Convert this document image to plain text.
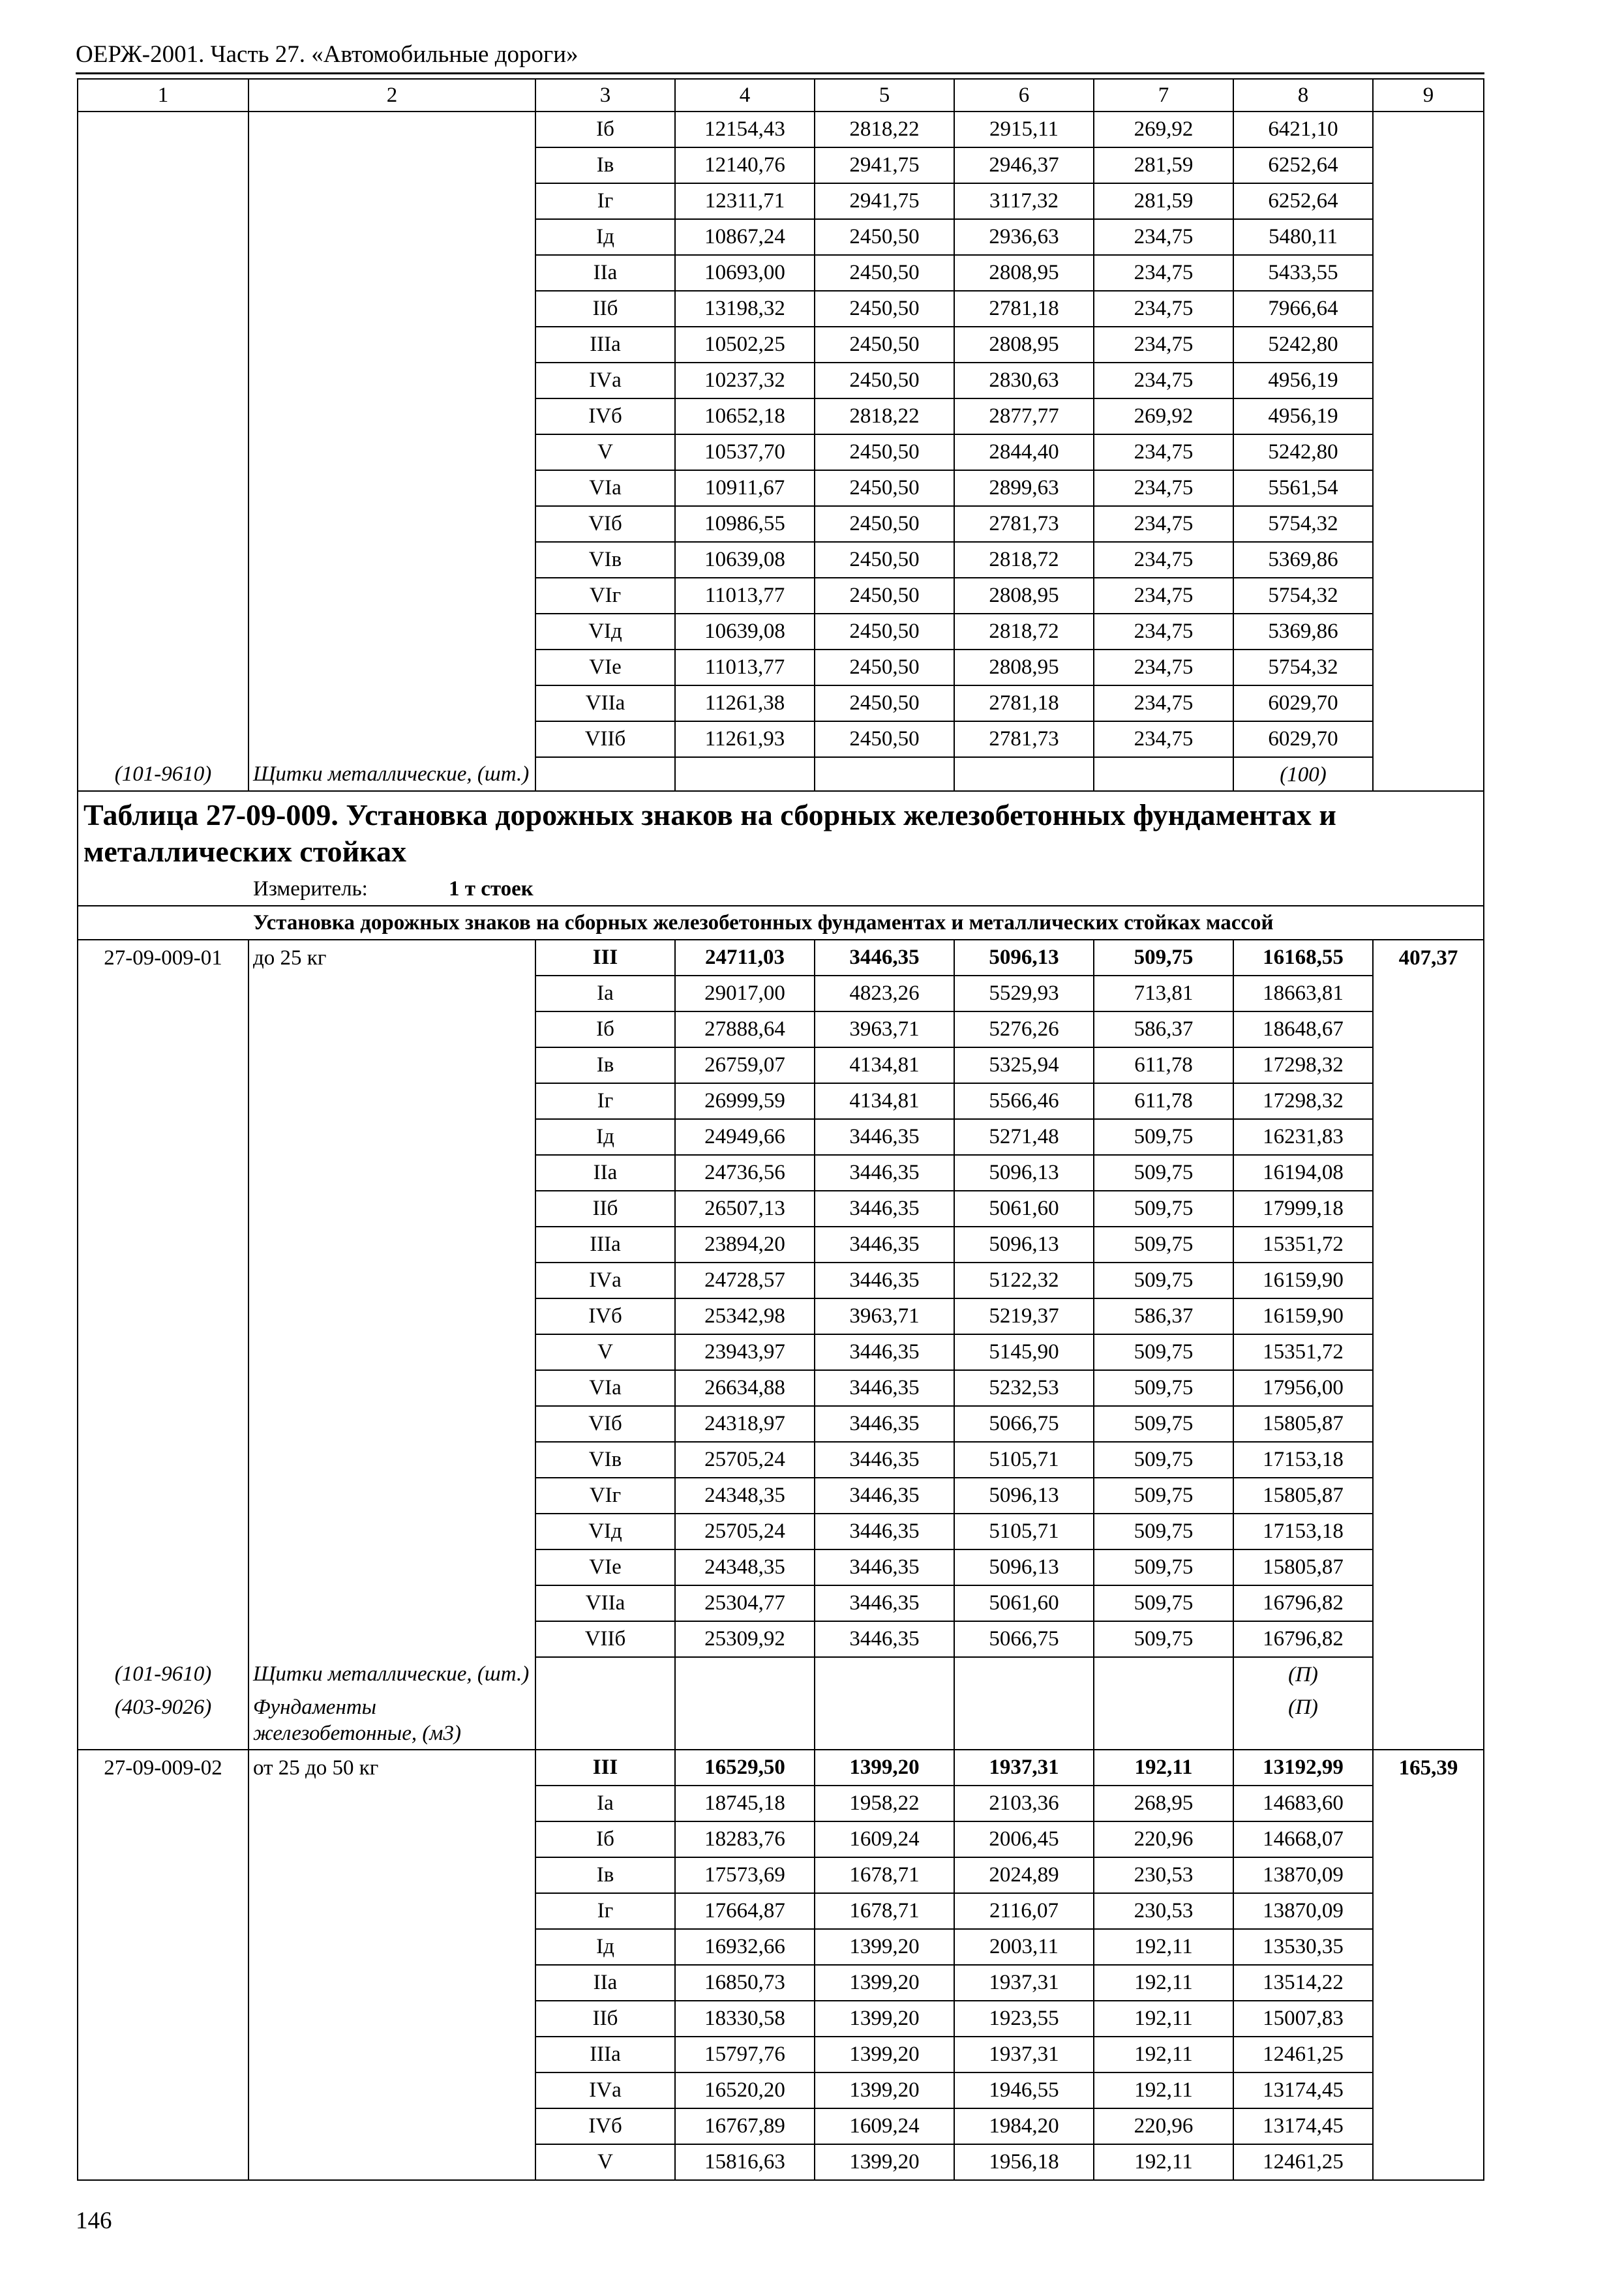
ОЕРЖ-2001. Часть 27. «Автомобильные дороги»
1	2	3	4	5	6	7	8	9
		Iб	12154,43	2818,22	2915,11	269,92	6421,10	
		Iв	12140,76	2941,75	2946,37	281,59	6252,64	
		Iг	12311,71	2941,75	3117,32	281,59	6252,64	
		Iд	10867,24	2450,50	2936,63	234,75	5480,11	
		IIа	10693,00	2450,50	2808,95	234,75	5433,55	
		IIб	13198,32	2450,50	2781,18	234,75	7966,64	
		IIIа	10502,25	2450,50	2808,95	234,75	5242,80	
		IVа	10237,32	2450,50	2830,63	234,75	4956,19	
		IVб	10652,18	2818,22	2877,77	269,92	4956,19	
		V	10537,70	2450,50	2844,40	234,75	5242,80	
		VIа	10911,67	2450,50	2899,63	234,75	5561,54	
		VIб	10986,55	2450,50	2781,73	234,75	5754,32	
		VIв	10639,08	2450,50	2818,72	234,75	5369,86	
		VIг	11013,77	2450,50	2808,95	234,75	5754,32	
		VIд	10639,08	2450,50	2818,72	234,75	5369,86	
		VIе	11013,77	2450,50	2808,95	234,75	5754,32	
		VIIа	11261,38	2450,50	2781,18	234,75	6029,70	
		VIIб	11261,93	2450,50	2781,73	234,75	6029,70	
(101-9610)	Щитки металлические, (шт.)						(100)	
Таблица 27-09-009. Установка дорожных знаков на сборных железобетонных фундаментах и металлических стойках								
Измеритель: 1 т стоек								
Установка дорожных знаков на сборных железобетонных фундаментах и металлических стойках массой								
27-09-009-01	до 25 кг	III	24711,03	3446,35	5096,13	509,75	16168,55	407,37
		Iа	29017,00	4823,26	5529,93	713,81	18663,81	
		Iб	27888,64	3963,71	5276,26	586,37	18648,67	
		Iв	26759,07	4134,81	5325,94	611,78	17298,32	
		Iг	26999,59	4134,81	5566,46	611,78	17298,32	
		Iд	24949,66	3446,35	5271,48	509,75	16231,83	
		IIа	24736,56	3446,35	5096,13	509,75	16194,08	
		IIб	26507,13	3446,35	5061,60	509,75	17999,18	
		IIIа	23894,20	3446,35	5096,13	509,75	15351,72	
		IVа	24728,57	3446,35	5122,32	509,75	16159,90	
		IVб	25342,98	3963,71	5219,37	586,37	16159,90	
		V	23943,97	3446,35	5145,90	509,75	15351,72	
		VIа	26634,88	3446,35	5232,53	509,75	17956,00	
		VIб	24318,97	3446,35	5066,75	509,75	15805,87	
		VIв	25705,24	3446,35	5105,71	509,75	17153,18	
		VIг	24348,35	3446,35	5096,13	509,75	15805,87	
		VIд	25705,24	3446,35	5105,71	509,75	17153,18	
		VIе	24348,35	3446,35	5096,13	509,75	15805,87	
		VIIа	25304,77	3446,35	5061,60	509,75	16796,82	
		VIIб	25309,92	3446,35	5066,75	509,75	16796,82	
(101-9610)	Щитки металлические, (шт.)						(П)	
(403-9026)	Фундаменты железобетонные, (м3)						(П)	
27-09-009-02	от 25 до 50 кг	III	16529,50	1399,20	1937,31	192,11	13192,99	165,39
		Iа	18745,18	1958,22	2103,36	268,95	14683,60	
		Iб	18283,76	1609,24	2006,45	220,96	14668,07	
		Iв	17573,69	1678,71	2024,89	230,53	13870,09	
		Iг	17664,87	1678,71	2116,07	230,53	13870,09	
		Iд	16932,66	1399,20	2003,11	192,11	13530,35	
		IIа	16850,73	1399,20	1937,31	192,11	13514,22	
		IIб	18330,58	1399,20	1923,55	192,11	15007,83	
		IIIа	15797,76	1399,20	1937,31	192,11	12461,25	
		IVа	16520,20	1399,20	1946,55	192,11	13174,45	
		IVб	16767,89	1609,24	1984,20	220,96	13174,45	
		V	15816,63	1399,20	1956,18	192,11	12461,25	
146
